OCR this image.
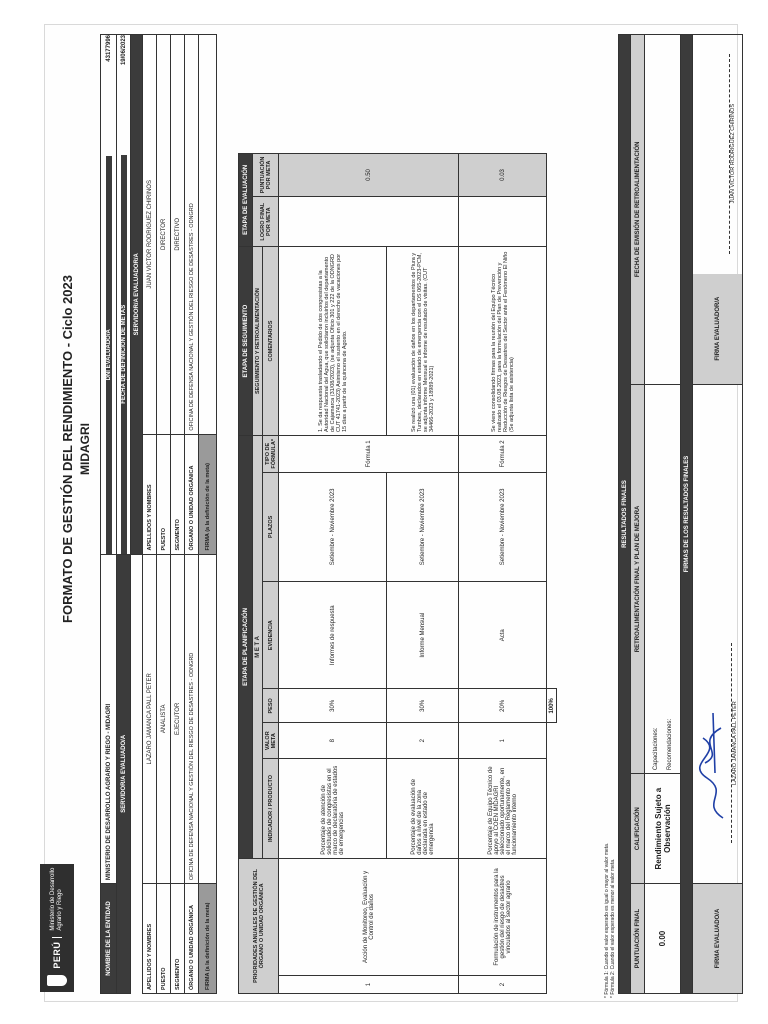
PERÚ
Ministerio de Desarrollo Agrario y Riego
FORMATO DE GESTIÓN DEL RENDIMIENTO - Ciclo 2023 MIDAGRI
NOMBRE DE LA ENTIDAD	MINISTERIO DE DESARROLLO AGRARIO Y RIEGO - MIDAGRI	DNI EVALUADO/A
43177996	

SERVIDOR/A EVALUADO/A		FECHA DE DEFINICIÓN DE METAS
19/06/2023	

		SERVIDOR/A EVALUADOR/A	
APELLIDOS Y NOMBRES	LAZARO JAMANCA PALL PETER	APELLIDOS Y NOMBRES	JUAN VICTOR RODRIGUEZ CHIRINOS
PUESTO	ANALISTA	PUESTO	DIRECTOR
SEGMENTO	EJECUTOR	SEGMENTO	DIRECTIVO
ÓRGANO O UNIDAD ORGÁNICA	OFICINA DE DEFENSA NACIONAL Y GESTIÓN DEL RIESGO DE DESASTRES - ODNGRD	ÓRGANO O UNIDAD ORGÁNICA	OFICINA DE DEFENSA NACIONAL Y GESTIÓN DEL RIESGO DE DESASTRES - ODNGRD
FIRMA (a la definición de la meta)		FIRMA (a la definición de la meta)	
PRIORIDADES ANUALES DE GESTIÓN DEL ÓRGANO O UNIDAD ORGÁNICA		ETAPA DE PLANIFICACIÓN						ETAPA DE SEGUIMIENTO	ETAPA DE EVALUACIÓN		
		M E T A						SEGUIMIENTO Y RETROALIMENTACIÓN	LOGRO FINAL POR META	PUNTUACIÓN POR META	
		INDICADOR / PRODUCTO	VALOR META	PESO	EVIDENCIA	PLAZOS	TIPO DE FÓRMULA*	COMENTARIOS			
1	Acción de Monitoreo, Evaluación y Control de daños	Porcentaje de atención de solicitudes de congresistas en el marco de declaratoria de estados de emergencias	8	30%	Informes de respuesta	Setiembre - Noviembre 2023	Fórmula 1	1. Se da respuesta trasladando el Pedido de dos congresistas a la Autoridad Nacional del Agua, que solicitaron incluirlos del departamento de Cajamarca (31/08/2023), (se adjunta Oficio 301 y 222 de la ODNGRD CUT 41741-2023) Asimismo el sustento en el derecho de vacaciones por 15 días a partir de la quincena de Agosto.		0.50	
		Porcentaje de evaluación de daños a nivel de la zona declarada en estado de emergencia	2	30%	Informe Mensual	Setiembre - Noviembre 2023		Se realizó una (01) evaluación de daños en los departamentos de Piura y Tumbes, declarados en estado de emergencia con el DS 065-2023-PCM, se adjunta informe Mensual e informe de resultado de visitas. (CUT 34466-2023 y 18989-2021)			
2	Formulación de instrumentos para la gestión del riesgo de desastres vinculados al sector agrario	Porcentaje de Equipo Técnico de apoyo al COEN MIDAGRI seleccionado oportunamente, en el marco del Reglamento de funcionamiento interno	1	20%	Acta	Setiembre - Noviembre 2023	Fórmula 2	Se viene consolidando firmas para la reunión del Equipo Técnico realizado el 03.08.2023, para la formulación del Plan de Prevención y Reducción de Riesgos de Desastres del Sector ante el Fenómeno El Niño (Se adjunta lista de asistencia)		0.03	
				100%							
* Fórmula 1: Cuando el valor esperado es igual o mayor al valor meta. * Fórmula 2: Cuando el valor esperado es menor al valor meta.
RESULTADOS FINALES			
PUNTUACIÓN FINAL	CALIFICACIÓN	RETROALIMENTACIÓN FINAL Y PLAN DE MEJORA	FECHA DE EMISIÓN DE RETROALIMENTACIÓN
0.00	Rendimiento Sujeto a Observación	Capacitaciones: Recomendaciones:	

FIRMAS DE LOS RESULTADOS FINALES			
FIRMA EVALUADO/A	LAZARO JAMANCA PALL PETER		FIRMA EVALUADOR/A
JUAN VICTOR RODRIGUEZ CHIRINOS
